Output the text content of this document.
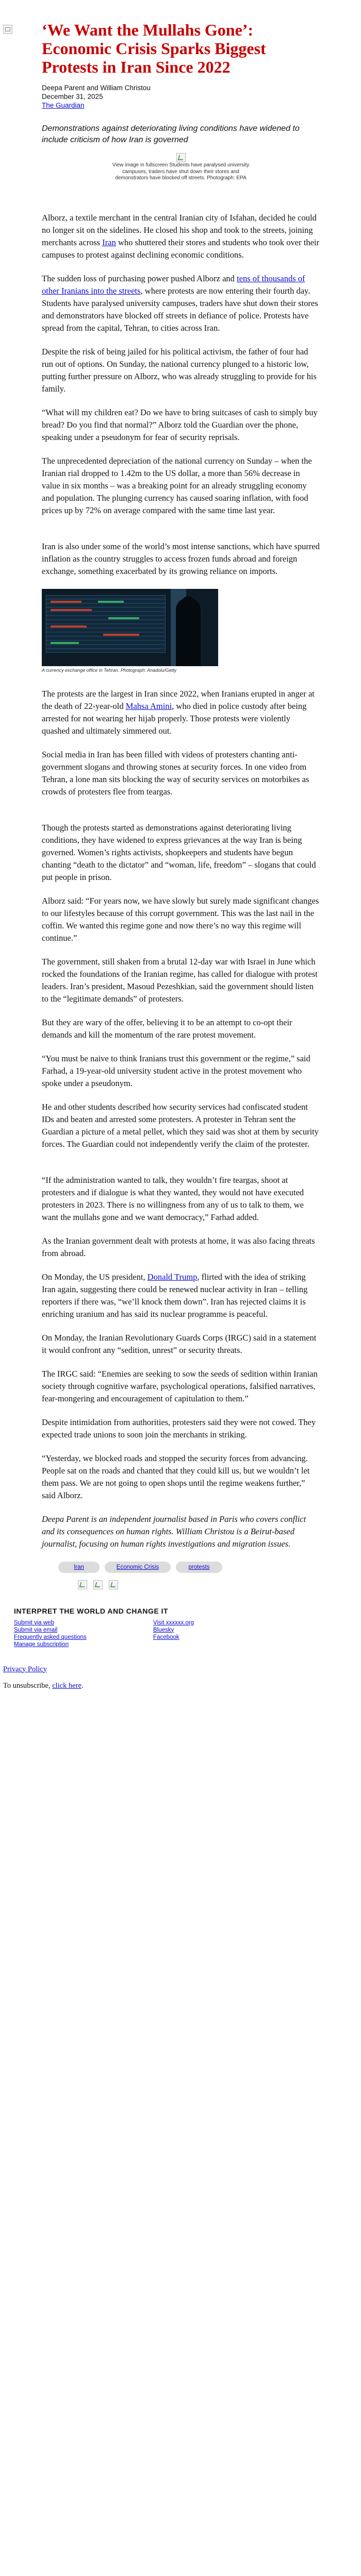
‘We Want the Mullahs Gone’: Economic Crisis Sparks Biggest Protests in Iran Since 2022
Deepa Parent and William Christou
December 31, 2025
The Guardian

Demonstrations against deteriorating living conditions have widened to include criticism of how Iran is governed

View image in fullscreen Students have paralysed university campuses, traders have shut down their stores and demonstrators have blocked off streets. Photograph: EPA

Alborz, a textile merchant in the central Iranian city of Isfahan, decided he could no longer sit on the sidelines. He closed his shop and took to the streets, joining merchants across Iran who shuttered their stores and students who took over their campuses to protest against declining economic conditions.

The sudden loss of purchasing power pushed Alborz and tens of thousands of other Iranians into the streets, where protests are now entering their fourth day. Students have paralysed university campuses, traders have shut down their stores and demonstrators have blocked off streets in defiance of police. Protests have spread from the capital, Tehran, to cities across Iran.

Despite the risk of being jailed for his political activism, the father of four had run out of options. On Sunday, the national currency plunged to a historic low, putting further pressure on Alborz, who was already struggling to provide for his family.

“What will my children eat? Do we have to bring suitcases of cash to simply buy bread? Do you find that normal?” Alborz told the Guardian over the phone, speaking under a pseudonym for fear of security reprisals.

The unprecedented depreciation of the national currency on Sunday – when the Iranian rial dropped to 1.42m to the US dollar, a more than 56% decrease in value in six months – was a breaking point for an already struggling economy and population. The plunging currency has caused soaring inflation, with food prices up by 72% on average compared with the same time last year.

Iran is also under some of the world’s most intense sanctions, which have spurred inflation as the country struggles to access frozen funds abroad and foreign exchange, something exacerbated by its growing reliance on imports.

A currency exchange office in Tehran. Photograph: Anadolu/Getty

The protests are the largest in Iran since 2022, when Iranians erupted in anger at the death of 22-year-old Mahsa Amini, who died in police custody after being arrested for not wearing her hijab properly. Those protests were violently quashed and ultimately simmered out.

Social media in Iran has been filled with videos of protesters chanting anti-government slogans and throwing stones at security forces. In one video from Tehran, a lone man sits blocking the way of security services on motorbikes as crowds of protesters flee from teargas.

Though the protests started as demonstrations against deteriorating living conditions, they have widened to express grievances at the way Iran is being governed. Women’s rights activists, shopkeepers and students have begun chanting “death to the dictator” and “woman, life, freedom” – slogans that could put people in prison.

Alborz said: “For years now, we have slowly but surely made significant changes to our lifestyles because of this corrupt government. This was the last nail in the coffin. We wanted this regime gone and now there’s no way this regime will continue.”

The government, still shaken from a brutal 12-day war with Israel in June which rocked the foundations of the Iranian regime, has called for dialogue with protest leaders. Iran’s president, Masoud Pezeshkian, said the government should listen to the “legitimate demands” of protesters.

But they are wary of the offer, believing it to be an attempt to co-opt their demands and kill the momentum of the rare protest movement.

“You must be naive to think Iranians trust this government or the regime,” said Farhad, a 19-year-old university student active in the protest movement who spoke under a pseudonym.

He and other students described how security services had confiscated student IDs and beaten and arrested some protesters. A protester in Tehran sent the Guardian a picture of a metal pellet, which they said was shot at them by security forces. The Guardian could not independently verify the claim of the protester.

“If the administration wanted to talk, they wouldn’t fire teargas, shoot at protesters and if dialogue is what they wanted, they would not have executed protesters in 2023. There is no willingness from any of us to talk to them, we want the mullahs gone and we want democracy,” Farhad added.

As the Iranian government dealt with protests at home, it was also facing threats from abroad.

On Monday, the US president, Donald Trump, flirted with the idea of striking Iran again, suggesting there could be renewed nuclear activity in Iran – telling reporters if there was, “we’ll knock them down”. Iran has rejected claims it is enriching uranium and has said its nuclear programme is peaceful.

On Monday, the Iranian Revolutionary Guards Corps (IRGC) said in a statement it would confront any “sedition, unrest” or security threats.

The IRGC said: “Enemies are seeking to sow the seeds of sedition within Iranian society through cognitive warfare, psychological operations, falsified narratives, fear-mongering and encouragement of capitulation to them.”

Despite intimidation from authorities, protesters said they were not cowed. They expected trade unions to soon join the merchants in striking.

“Yesterday, we blocked roads and stopped the security forces from advancing. People sat on the roads and chanted that they could kill us, but we wouldn’t let them pass. We are not going to open shops until the regime weakens further,” said Alborz.

Deepa Parent is an independent journalist based in Paris who covers conflict and its consequences on human rights. William Christou is a Beirut-based journalist, focusing on human rights investigations and migration issues.

Iran	Economic Crisis	protests
INTERPRET THE WORLD AND CHANGE IT
Submit via web
Submit via email
Frequently asked questions
Manage subscription
Visit xxxxxx.org
Bluesky
Facebook
Privacy Policy
To unsubscribe, click here.
